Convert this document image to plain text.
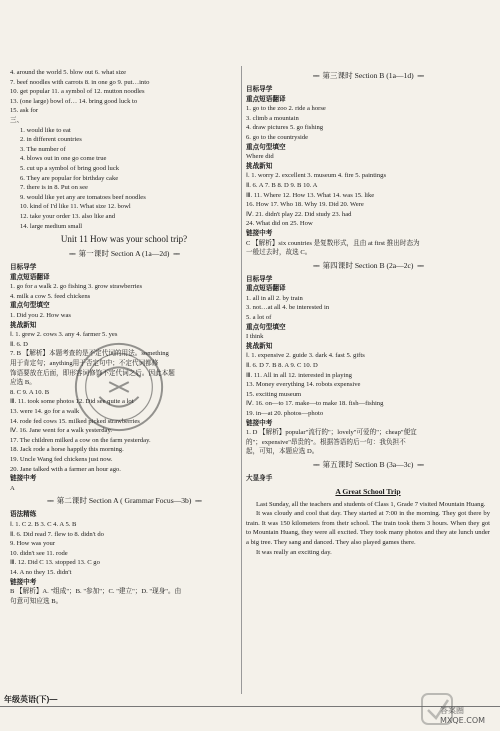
4. around the world 5. blow out 6. what size
7. beef noodles with carrots 8. in one go 9. put…into
10. get popular 11. a symbol of 12. mutton noodles
13. (one large) bowl of… 14. bring good luck to
15. ask for
三、
1. would like to eat
2. in different countries
3. The number of
4. blows out in one go come true
5. cut up a symbol of bring good luck
6. They are popular for birthday cake
7. there is in 8. Put on see
9. would like yet any are tomatoes beef noodles
10. kind of I'd like 11. What size 12. bowl
12. take your order 13. also like and
14. large medium small
Unit 11 How was your school trip?
━━ 第一课时 Section A (1a—2d) ━━
目标导学
重点短语翻译
1. go for a walk 2. go fishing 3. grow strawberries
4. milk a cow 5. feed chickens
重点句型填空
1. Did you 2. How was
挑战新知
Ⅰ. 1. grew 2. cows 3. any 4. farmer 5. yes
Ⅱ. 6. D
7. B 【解析】本题考查的是不定代词的用法。something
用于肯定句；anything用于否定句中；不定代词都修
饰语要放在后面，即形容词修饰不定代词之后。因此本题
应选 B。
8. C 9. A 10. B
Ⅲ. 11. took some photos 12. Did see quite a lot
13. were 14. go for a walk
14. rode fed cows 15. milked picked strawberries
Ⅳ. 16. Jane went for a walk yesterday.
17. The children milked a cow on the farm yesterday.
18. Jack rode a horse happily this morning.
19. Uncle Wang fed chickens just now.
20. Jane talked with a farmer an hour ago.
链接中考
A
━━ 第二课时 Section A ( Grammar Focus—3b) ━━
语法精练
Ⅰ. 1. C 2. B 3. C 4. A 5. B
Ⅱ. 6. Did read 7. flew to 8. didn't do
9. How was your
10. didn't see 11. rode
Ⅲ. 12. Did C 13. stopped 13. C go
14. A no they 15. didn't
链接中考
B 【解析】A. "组成"；B. "参加"；C. "建立"；D. "现身"。由
句意可知应选 B。
━━ 第三课时 Section B (1a—1d) ━━
目标导学
重点短语翻译
1. go to the zoo 2. ride a horse
3. climb a mountain
4. draw pictures 5. go fishing
6. go to the countryside
重点句型填空
Where did
挑战新知
Ⅰ. 1. worry 2. excellent 3. museum 4. fire 5. paintings
Ⅱ. 6. A 7. B 8. D 9. B 10. A
Ⅲ. 11. Where 12. How 13. What 14. was 15. like
16. How 17. Who 18. Why 19. Did 20. Were
Ⅳ. 21. didn't play 22. Did study 23. had
24. What did on 25. How
链接中考
C 【解析】six countries 是复数形式，且由 at first 推出时态为
一般过去时，故选 C。
━━ 第四课时 Section B (2a—2c) ━━
目标导学
重点短语翻译
1. all in all 2. by train
3. not…at all 4. be interested in
5. a lot of
重点句型填空
I think
挑战新知
Ⅰ. 1. expensive 2. guide 3. dark 4. fast 5. gifts
Ⅱ. 6. D 7. B 8. A 9. C 10. D
Ⅲ. 11. All in all 12. interested in playing
13. Money everything 14. robots expensive
15. exciting museum
Ⅳ. 16. on—to 17. make—to make 18. fish—fishing
19. in—at 20. photos—photo
链接中考
1. D 【解析】popular"流行的"；lovely"可爱的"；cheap"便宜
的"；expensive"昂贵的"。根据答语的后一句：我负担不
起，可知，本题应选 D。
━━ 第五课时 Section B (3a—3c) ━━
大显身手
A Great School Trip
Last Sunday, all the teachers and students of Class 1, Grade 7 visited Mountain Huang.
It was cloudy and cool that day. They started at 7:00 in the morning. They got there by train. It was 150 kilometers from their school. The train took them 3 hours. When they got to Mountain Huang, they were all excited. They took many photos and they ate lunch under a big tree. They sang and danced. They also played games there.
It was really an exciting day.
年级英语(下)—
答案圈 MXQE.COM
